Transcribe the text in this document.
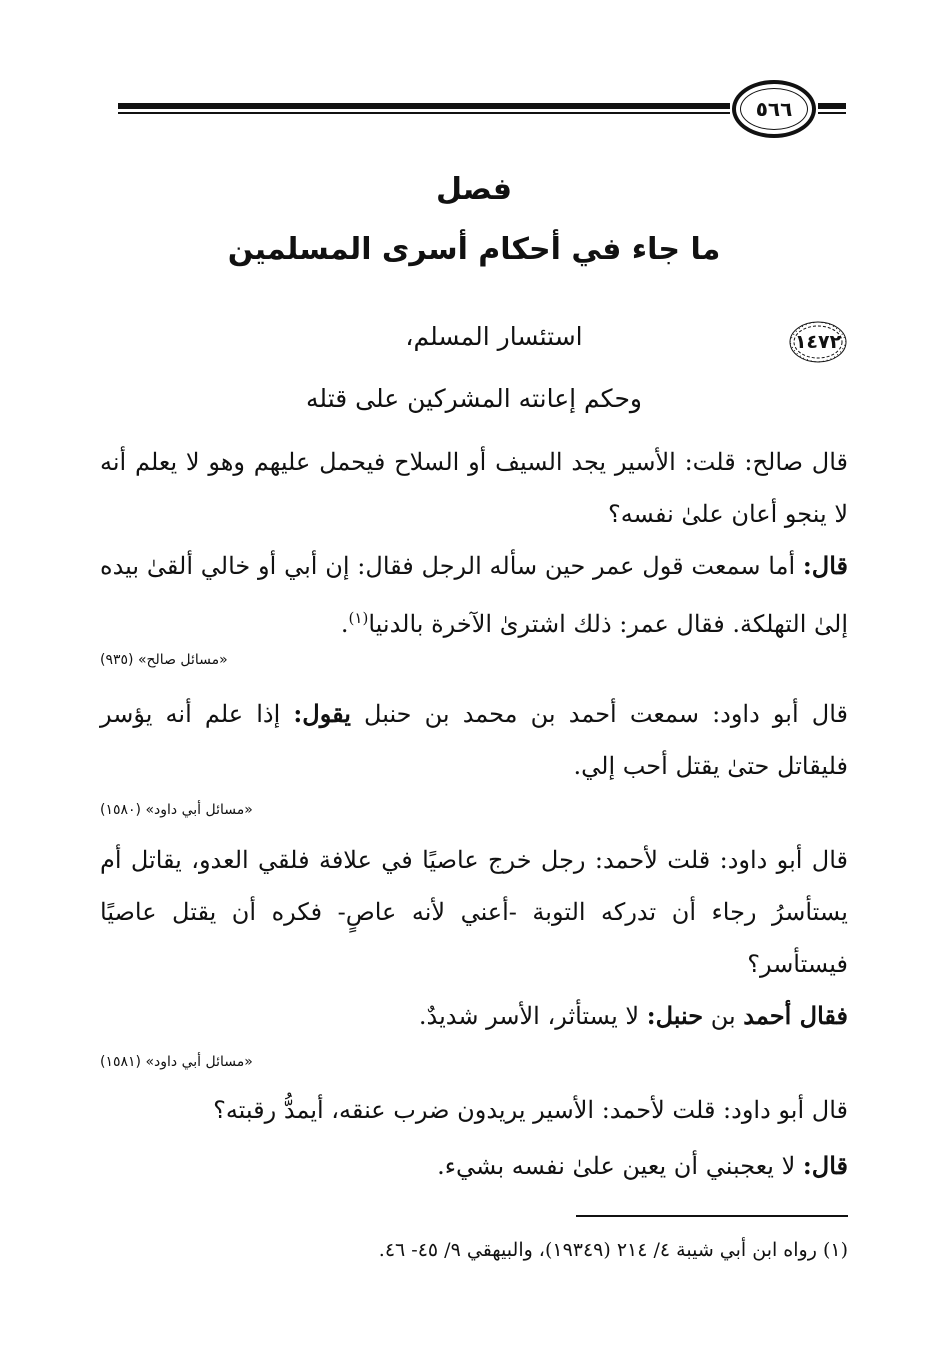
٥٦٦
فصل
ما جاء في أحكام أسرى المسلمين
١٤٧٢
استئسار المسلم،
وحكم إعانته المشركين على قتله
قال صالح: قلت: الأسير يجد السيف أو السلاح فيحمل عليهم وهو لا يعلم أنه لا ينجو أعان علىٰ نفسه؟
قال: أما سمعت قول عمر حين سأله الرجل فقال: إن أبي أو خالي ألقىٰ بيده إلىٰ التهلكة. فقال عمر: ذلك اشترىٰ الآخرة بالدنيا$^{(١)}$.
«مسائل صالح» (٩٣٥)
قال أبو داود: سمعت أحمد بن محمد بن حنبل يقول: إذا علم أنه يؤسر فليقاتل حتىٰ يقتل أحب إلي.
«مسائل أبي داود» (١٥٨٠)
قال أبو داود: قلت لأحمد: رجل خرج عاصيًا في علافة فلقي العدو، يقاتل أم يستأسرُ رجاء أن تدركه التوبة -أعني لأنه عاصٍ- فكره أن يقتل عاصيًا فيستأسر؟
فقال أحمد بن حنبل: لا يستأثر، الأسر شديدٌ.
«مسائل أبي داود» (١٥٨١)
قال أبو داود: قلت لأحمد: الأسير يريدون ضرب عنقه، أيمدُّ رقبته؟
قال: لا يعجبني أن يعين علىٰ نفسه بشيء.
(١) رواه ابن أبي شيبة ٤/ ٢١٤ (١٩٣٤٩)، والبيهقي ٩/ ٤٥- ٤٦.
